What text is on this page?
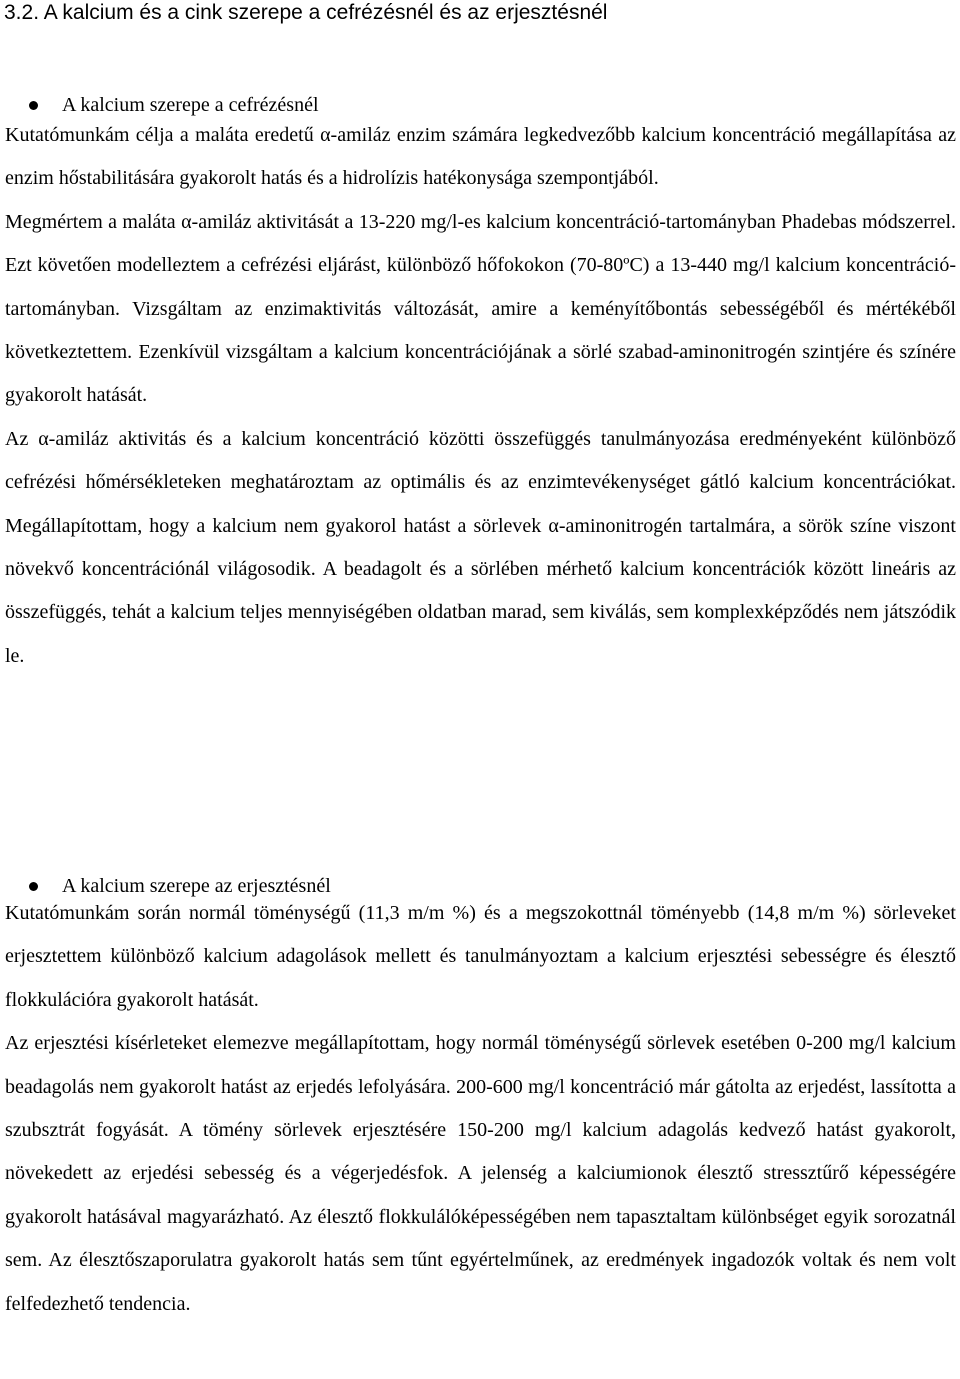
3.2. A kalcium és a cink szerepe a cefrézésnél és az erjesztésnél
A kalcium szerepe a cefrézésnél

Kutatómunkám célja a maláta eredetű α-amiláz enzim számára legkedvezőbb kalcium koncentráció megállapítása az enzim hőstabilitására gyakorolt hatás és a hidrolízis hatékonysága szempontjából.

Megmértem a maláta α-amiláz aktivitását a 13-220 mg/l-es kalcium koncentráció-tartományban Phadebas módszerrel. Ezt követően modelleztem a cefrézési eljárást, különböző hőfokokon (70-80ºC) a 13-440 mg/l kalcium koncentráció-tartományban. Vizsgáltam az enzimaktivitás változását, amire a keményítőbontás sebességéből és mértékéből következtettem. Ezenkívül vizsgáltam a kalcium koncentrációjának a sörlé szabad-aminonitrogén szintjére és színére gyakorolt hatását.

Az α-amiláz aktivitás és a kalcium koncentráció közötti összefüggés tanulmányozása eredményeként különböző cefrézési hőmérsékleteken meghatároztam az optimális és az enzimtevékenységet gátló kalcium koncentrációkat. Megállapítottam, hogy a kalcium nem gyakorol hatást a sörlevek α-aminonitrogén tartalmára, a sörök színe viszont növekvő koncentrációnál világosodik. A beadagolt és a sörlében mérhető kalcium koncentrációk között lineáris az összefüggés, tehát a kalcium teljes mennyiségében oldatban marad, sem kiválás, sem komplexképződés nem játszódik le.

A kalcium szerepe az erjesztésnél

Kutatómunkám során normál töménységű (11,3 m/m %) és a megszokottnál töményebb (14,8 m/m %) sörleveket erjesztettem különböző kalcium adagolások mellett és tanulmányoztam a kalcium erjesztési sebességre és élesztő flokkulációra gyakorolt hatását.

Az erjesztési kísérleteket elemezve megállapítottam, hogy normál töménységű sörlevek esetében 0-200 mg/l kalcium beadagolás nem gyakorolt hatást az erjedés lefolyására. 200-600 mg/l koncentráció már gátolta az erjedést, lassította a szubsztrát fogyását. A tömény sörlevek erjesztésére 150-200 mg/l kalcium adagolás kedvező hatást gyakorolt, növekedett az erjedési sebesség és a végerjedésfok. A jelenség a kalciumionok élesztő stressztűrő képességére gyakorolt hatásával magyarázható. Az élesztő flokkulálóképességében nem tapasztaltam különbséget egyik sorozatnál sem. Az élesztőszaporulatra gyakorolt hatás sem tűnt egyértelműnek, az eredmények ingadozók voltak és nem volt felfedezhető tendencia.
